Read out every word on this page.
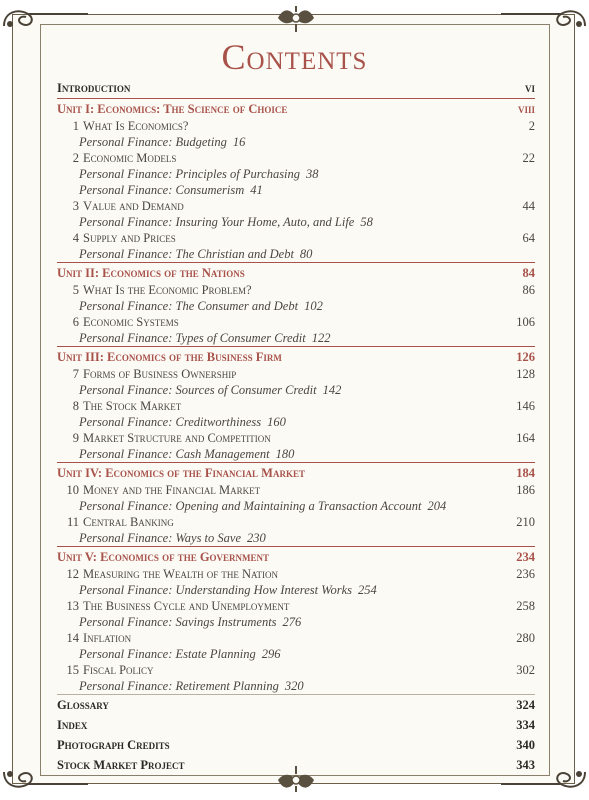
Contents
Introduction	vi
Unit I: Economics: The Science of Choice	viii
1 What Is Economics?	2
Personal Finance: Budgeting 16
2 Economic Models	22
Personal Finance: Principles of Purchasing 38
Personal Finance: Consumerism 41
3 Value and Demand	44
Personal Finance: Insuring Your Home, Auto, and Life 58
4 Supply and Prices	64
Personal Finance: The Christian and Debt 80
Unit II: Economics of the Nations	84
5 What Is the Economic Problem?	86
Personal Finance: The Consumer and Debt 102
6 Economic Systems	106
Personal Finance: Types of Consumer Credit 122
Unit III: Economics of the Business Firm	126
7 Forms of Business Ownership	128
Personal Finance: Sources of Consumer Credit 142
8 The Stock Market	146
Personal Finance: Creditworthiness 160
9 Market Structure and Competition	164
Personal Finance: Cash Management 180
Unit IV: Economics of the Financial Market	184
10 Money and the Financial Market	186
Personal Finance: Opening and Maintaining a Transaction Account 204
11 Central Banking	210
Personal Finance: Ways to Save 230
Unit V: Economics of the Government	234
12 Measuring the Wealth of the Nation	236
Personal Finance: Understanding How Interest Works 254
13 The Business Cycle and Unemployment	258
Personal Finance: Savings Instruments 276
14 Inflation	280
Personal Finance: Estate Planning 296
15 Fiscal Policy	302
Personal Finance: Retirement Planning 320
Glossary	324
Index	334
Photograph Credits	340
Stock Market Project	343
